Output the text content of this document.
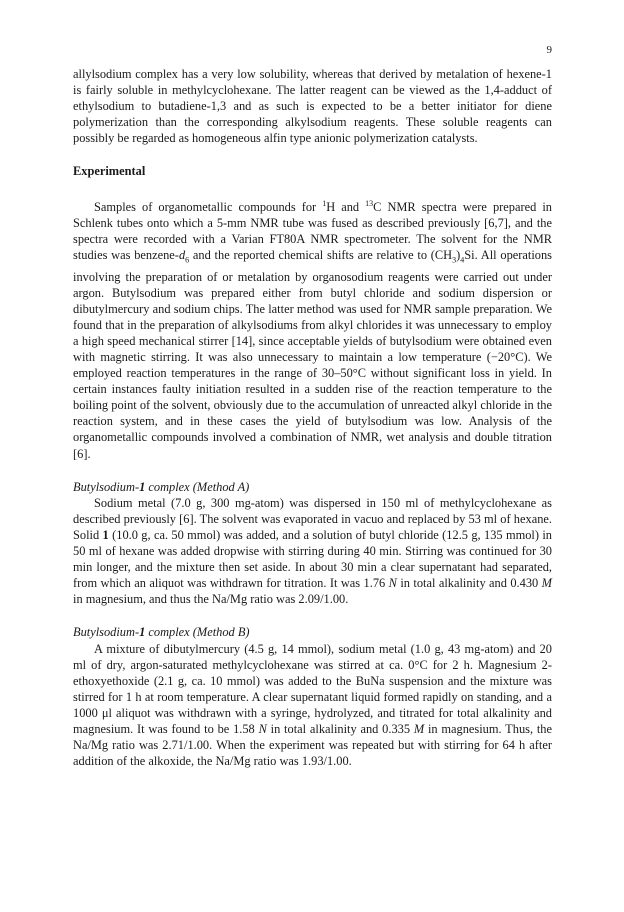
9

allylsodium complex has a very low solubility, whereas that derived by metalation of hexene-1 is fairly soluble in methylcyclohexane. The latter reagent can be viewed as the 1,4-adduct of ethylsodium to butadiene-1,3 and as such is expected to be a better initiator for diene polymerization than the corresponding alkylsodium reagents. These soluble reagents can possibly be regarded as homogeneous alfin type anionic polymerization catalysts.

Experimental

Samples of organometallic compounds for $^1$H and $^{13}$C NMR spectra were prepared in Schlenk tubes onto which a 5-mm NMR tube was fused as described previously [6,7], and the spectra were recorded with a Varian FT80A NMR spectrometer. The solvent for the NMR studies was benzene-$d_6$ and the reported chemical shifts are relative to $(CH_3)_4Si$. All operations involving the preparation of or metalation by organosodium reagents were carried out under argon. Butylsodium was prepared either from butyl chloride and sodium dispersion or dibutylmercury and sodium chips. The latter method was used for NMR sample preparation. We found that in the preparation of alkylsodiums from alkyl chlorides it was unnecessary to employ a high speed mechanical stirrer [14], since acceptable yields of butylsodium were obtained even with magnetic stirring. It was also unnecessary to maintain a low temperature (−20°C). We employed reaction temperatures in the range of 30–50°C without significant loss in yield. In certain instances faulty initiation resulted in a sudden rise of the reaction temperature to the boiling point of the solvent, obviously due to the accumulation of unreacted alkyl chloride in the reaction system, and in these cases the yield of butylsodium was low. Analysis of the organometallic compounds involved a combination of NMR, wet analysis and double titration [6].

Butylsodium-1 complex (Method A)

Sodium metal (7.0 g, 300 mg-atom) was dispersed in 150 ml of methylcyclohexane as described previously [6]. The solvent was evaporated in vacuo and replaced by 53 ml of hexane. Solid 1 (10.0 g, ca. 50 mmol) was added, and a solution of butyl chloride (12.5 g, 135 mmol) in 50 ml of hexane was added dropwise with stirring during 40 min. Stirring was continued for 30 min longer, and the mixture then set aside. In about 30 min a clear supernatant had separated, from which an aliquot was withdrawn for titration. It was 1.76 N in total alkalinity and 0.430 M in magnesium, and thus the Na/Mg ratio was 2.09/1.00.

Butylsodium-1 complex (Method B)

A mixture of dibutylmercury (4.5 g, 14 mmol), sodium metal (1.0 g, 43 mg-atom) and 20 ml of dry, argon-saturated methylcyclohexane was stirred at ca. 0°C for 2 h. Magnesium 2-ethoxyethoxide (2.1 g, ca. 10 mmol) was added to the BuNa suspension and the mixture was stirred for 1 h at room temperature. A clear supernatant liquid formed rapidly on standing, and a 1000 μl aliquot was withdrawn with a syringe, hydrolyzed, and titrated for total alkalinity and magnesium. It was found to be 1.58 N in total alkalinity and 0.335 M in magnesium. Thus, the Na/Mg ratio was 2.71/1.00. When the experiment was repeated but with stirring for 64 h after addition of the alkoxide, the Na/Mg ratio was 1.93/1.00.
